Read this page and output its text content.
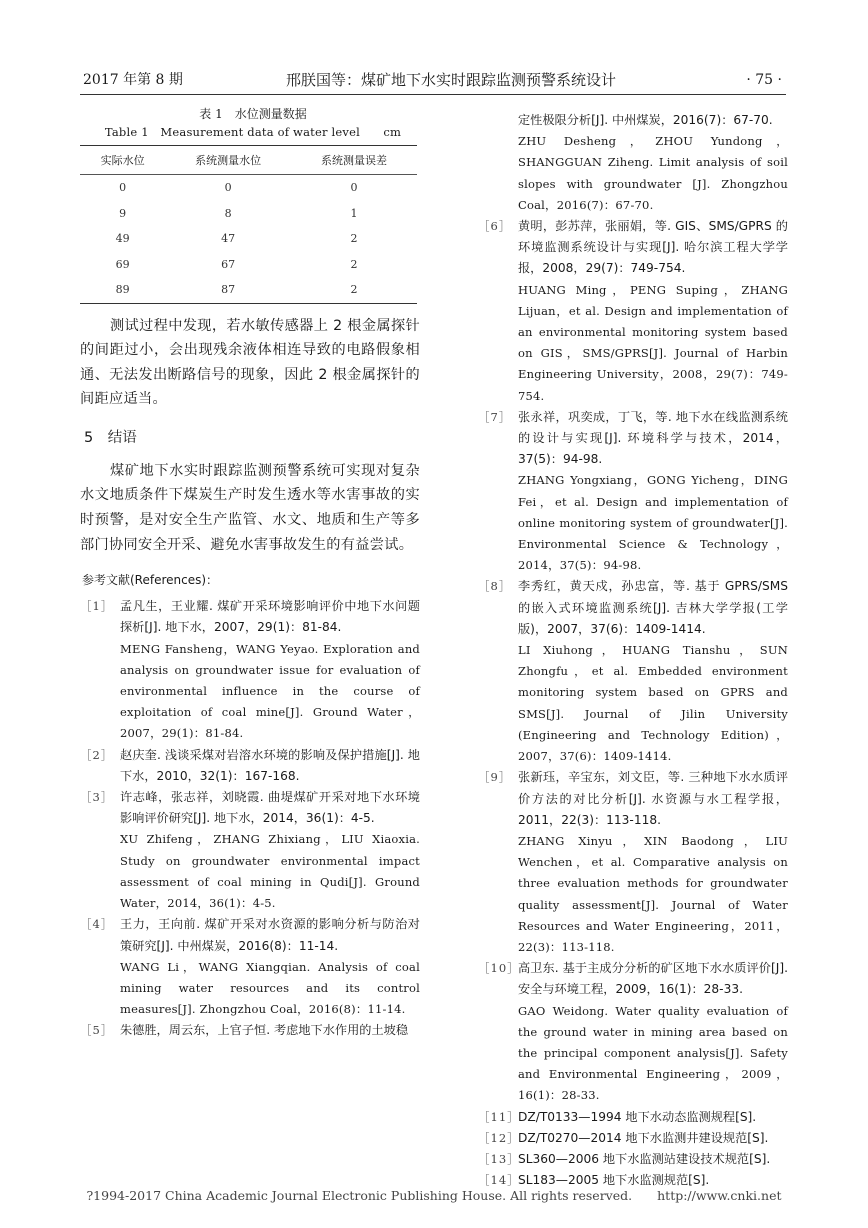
2017 年第 8 期	邢朕国等：煤矿地下水实时跟踪监测预警系统设计	· 75 ·
表 1　水位测量数据
Table 1　Measurement data of water level　　cm
实际水位	系统测量水位	系统测量误差
0	0	0
9	8	1
49	47	2
69	67	2
89	87	2

测试过程中发现，若水敏传感器上 2 根金属探针的间距过小，会出现残余液体相连导致的电路假象相通、无法发出断路信号的现象，因此 2 根金属探针的间距应适当。

5　结语

煤矿地下水实时跟踪监测预警系统可实现对复杂水文地质条件下煤炭生产时发生透水等水害事故的实时预警，是对安全生产监管、水文、地质和生产等多部门协同安全开采、避免水害事故发生的有益尝试。

参考文献(References)：
［1］ 孟凡生，王业耀. 煤矿开采环境影响评价中地下水问题探析[J]. 地下水，2007，29(1)：81-84.
MENG Fansheng，WANG Yeyao. Exploration and analysis on groundwater issue for evaluation of environmental influence in the course of exploitation of coal mine[J]. Ground Water，2007，29(1)：81-84.
［2］ 赵庆奎. 浅谈采煤对岩溶水环境的影响及保护措施[J]. 地下水，2010，32(1)：167-168.
［3］ 许志峰，张志祥，刘晓霞. 曲堤煤矿开采对地下水环境影响评价研究[J]. 地下水，2014，36(1)：4-5.
XU Zhifeng，ZHANG Zhixiang，LIU Xiaoxia. Study on groundwater environmental impact assessment of coal mining in Qudi[J]. Ground Water，2014，36(1)：4-5.
［4］ 王力，王向前. 煤矿开采对水资源的影响分析与防治对策研究[J]. 中州煤炭，2016(8)：11-14.
WANG Li，WANG Xiangqian. Analysis of coal mining water resources and its control measures[J]. Zhongzhou Coal，2016(8)：11-14.
［5］ 朱德胜，周云东，上官子恒. 考虑地下水作用的土坡稳
定性极限分析[J]. 中州煤炭，2016(7)：67-70.
ZHU Desheng，ZHOU Yundong，SHANGGUAN Ziheng. Limit analysis of soil slopes with groundwater [J]. Zhongzhou Coal，2016(7)：67-70.
［6］ 黄明，彭苏萍，张丽娟，等. GIS、SMS/GPRS 的环境监测系统设计与实现[J]. 哈尔滨工程大学学报，2008，29(7)：749-754.
HUANG Ming，PENG Suping，ZHANG Lijuan，et al. Design and implementation of an environmental monitoring system based on GIS，SMS/GPRS[J]. Journal of Harbin Engineering University，2008，29(7)：749-754.
［7］ 张永祥，巩奕成，丁飞，等. 地下水在线监测系统的设计与实现[J]. 环境科学与技术，2014，37(5)：94-98.
ZHANG Yongxiang，GONG Yicheng，DING Fei，et al. Design and implementation of online monitoring system of groundwater[J]. Environmental Science & Technology，2014，37(5)：94-98.
［8］ 李秀红，黄天戍，孙忠富，等. 基于 GPRS/SMS 的嵌入式环境监测系统[J]. 吉林大学学报(工学版)，2007，37(6)：1409-1414.
LI Xiuhong，HUANG Tianshu，SUN Zhongfu，et al. Embedded environment monitoring system based on GPRS and SMS[J]. Journal of Jilin University (Engineering and Technology Edition)，2007，37(6)：1409-1414.
［9］ 张新珏，辛宝东，刘文臣，等. 三种地下水水质评价方法的对比分析[J]. 水资源与水工程学报，2011，22(3)：113-118.
ZHANG Xinyu，XIN Baodong，LIU Wenchen，et al. Comparative analysis on three evaluation methods for groundwater quality assessment[J]. Journal of Water Resources and Water Engineering，2011，22(3)：113-118.
［10］
高卫东. 基于主成分分析的矿区地下水水质评价[J]. 安全与环境工程，2009，16(1)：28-33.
GAO Weidong. Water quality evaluation of the ground water in mining area based on the principal component analysis[J]. Safety and Environmental Engineering，2009，16(1)：28-33.
［11］
DZ/T0133—1994 地下水动态监测规程[S].
［12］
DZ/T0270—2014 地下水监测井建设规范[S].
［13］
SL360—2006 地下水监测站建设技术规范[S].
［14］
SL183—2005 地下水监测规范[S].
?1994-2017 China Academic Journal Electronic Publishing House. All rights reserved.　　http://www.cnki.net
